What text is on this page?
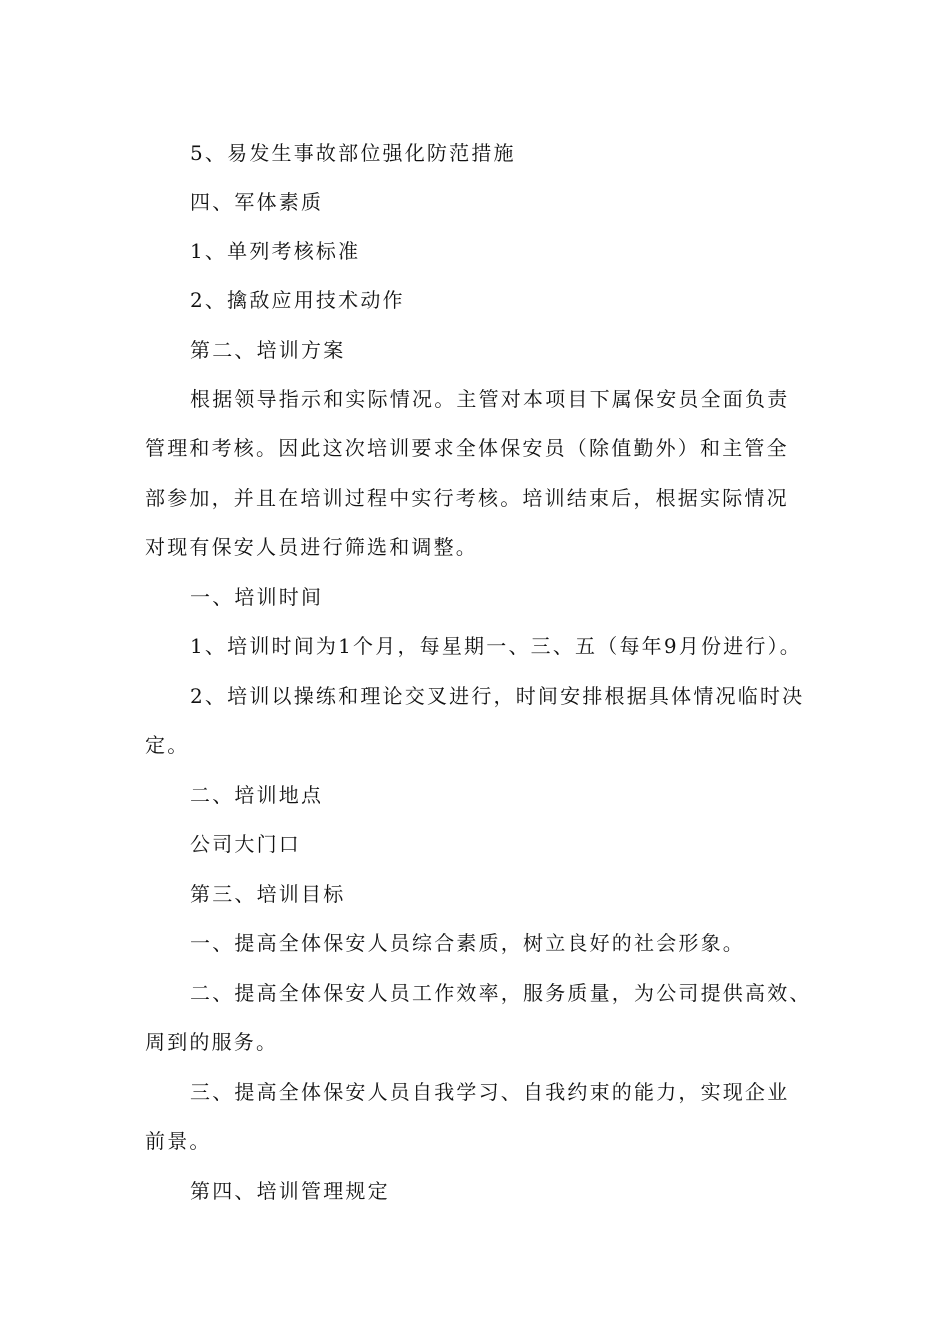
5、易发生事故部位强化防范措施
四、军体素质
1、单列考核标准
2、擒敌应用技术动作
第二、培训方案
根据领导指示和实际情况。主管对本项目下属保安员全面负责
管理和考核。因此这次培训要求全体保安员（除值勤外）和主管全
部参加，并且在培训过程中实行考核。培训结束后，根据实际情况
对现有保安人员进行筛选和调整。
一、培训时间
1、培训时间为1个月，每星期一、三、五（每年9月份进行）。
2、培训以操练和理论交叉进行，时间安排根据具体情况临时决
定。
二、培训地点
公司大门口
第三、培训目标
一、提高全体保安人员综合素质，树立良好的社会形象。
二、提高全体保安人员工作效率，服务质量，为公司提供高效、
周到的服务。
三、提高全体保安人员自我学习、自我约束的能力，实现企业
前景。
第四、培训管理规定
